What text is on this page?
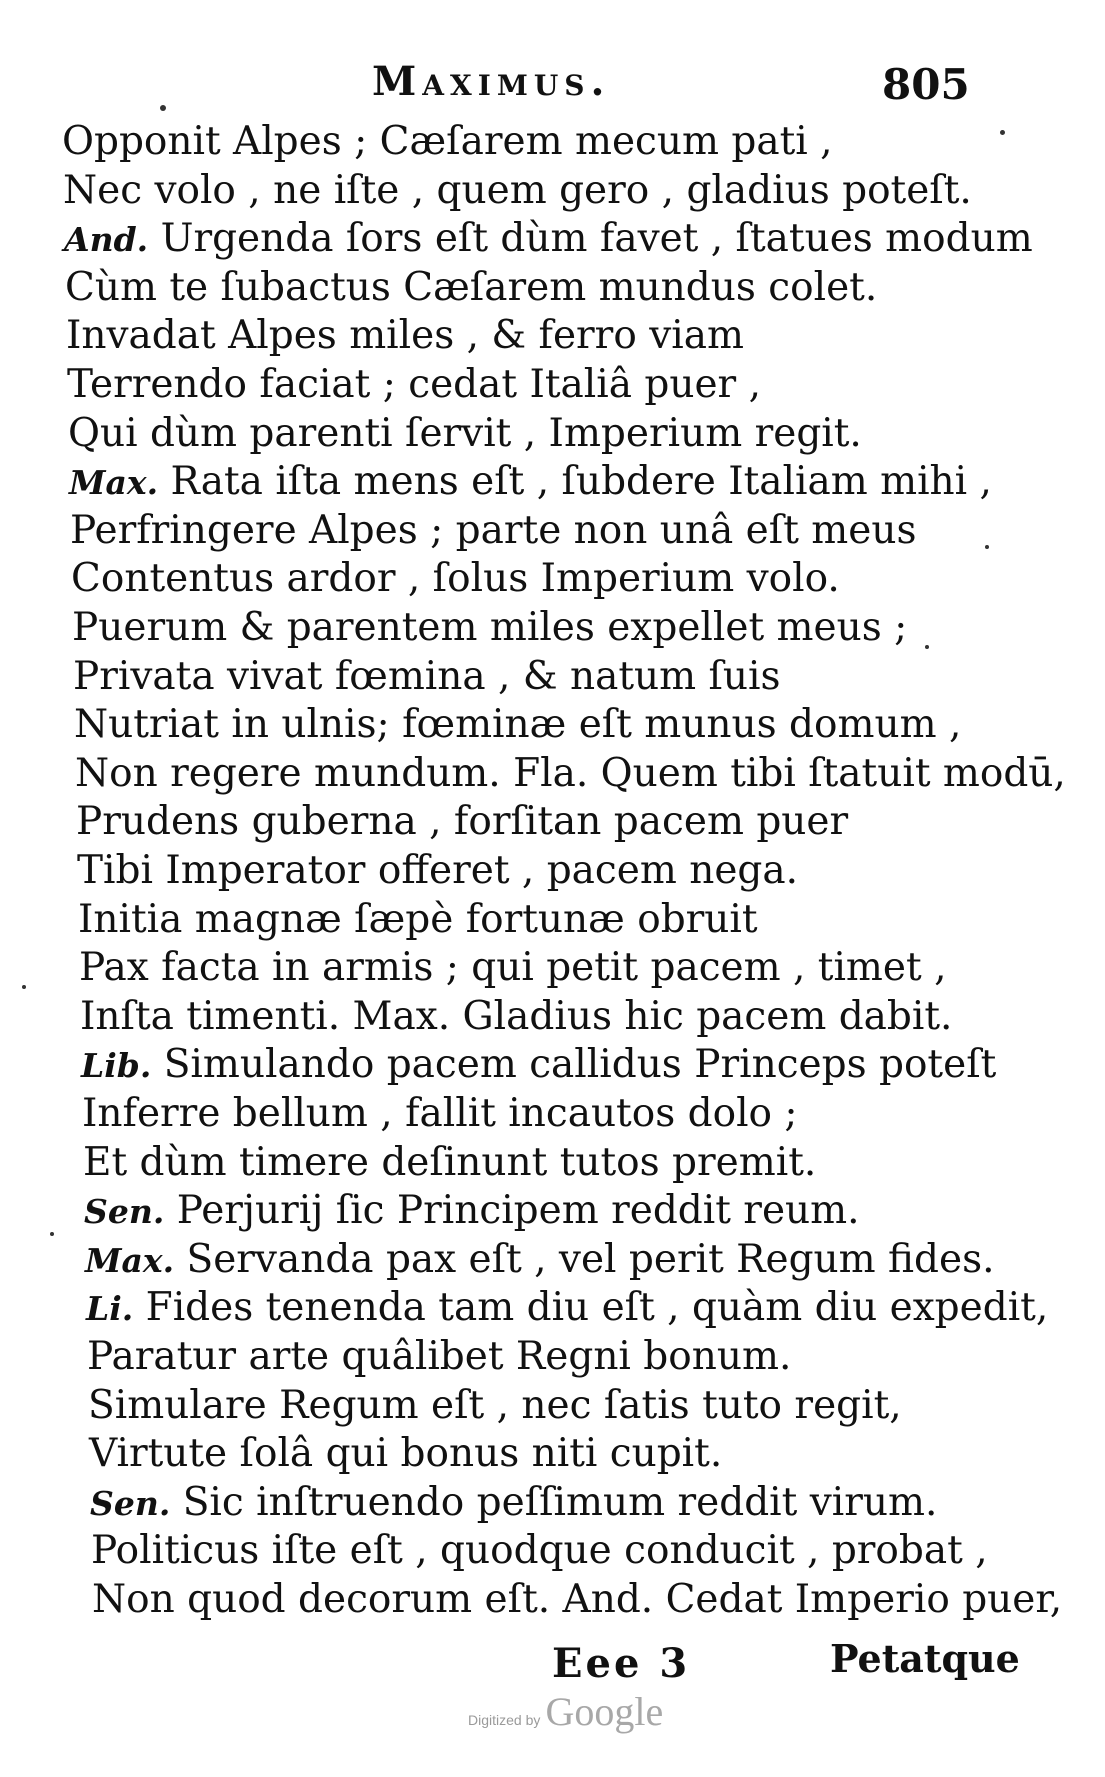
Maximus.	805
Opponit Alpes ; Cæſarem mecum pati ,
Nec volo , ne iſte , quem gero , gladius poteſt.
And. Urgenda ſors eſt dùm favet , ſtatues modum
Cùm te ſubactus Cæſarem mundus colet.
Invadat Alpes miles , & ferro viam
Terrendo faciat ; cedat Italiâ puer ,
Qui dùm parenti ſervit , Imperium regit.
Max. Rata iſta mens eſt , ſubdere Italiam mihi ,
Perfringere Alpes ; parte non unâ eſt meus
Contentus ardor , ſolus Imperium volo.
Puerum & parentem miles expellet meus ;
Privata vivat fœmina , & natum ſuis
Nutriat in ulnis; fœminæ eſt munus domum ,
Non regere mundum. Fla. Quem tibi ſtatuit modū,
Prudens guberna , forſitan pacem puer
Tibi Imperator offeret , pacem nega.
Initia magnæ ſæpè fortunæ obruit
Pax facta in armis ; qui petit pacem , timet ,
Inſta timenti. Max. Gladius hic pacem dabit.
Lib. Simulando pacem callidus Princeps poteſt
Inferre bellum , fallit incautos dolo ;
Et dùm timere deſinunt tutos premit.
Sen. Perjurij ſic Principem reddit reum.
Max. Servanda pax eſt , vel perit Regum fides.
Li. Fides tenenda tam diu eſt , quàm diu expedit,
Paratur arte quâlibet Regni bonum.
Simulare Regum eſt , nec ſatis tuto regit,
Virtute ſolâ qui bonus niti cupit.
Sen. Sic inſtruendo peſſimum reddit virum.
Politicus iſte eſt , quodque conducit , probat ,
Non quod decorum eſt. And. Cedat Imperio puer,
Eee 3	Petatque
Digitized by Google
